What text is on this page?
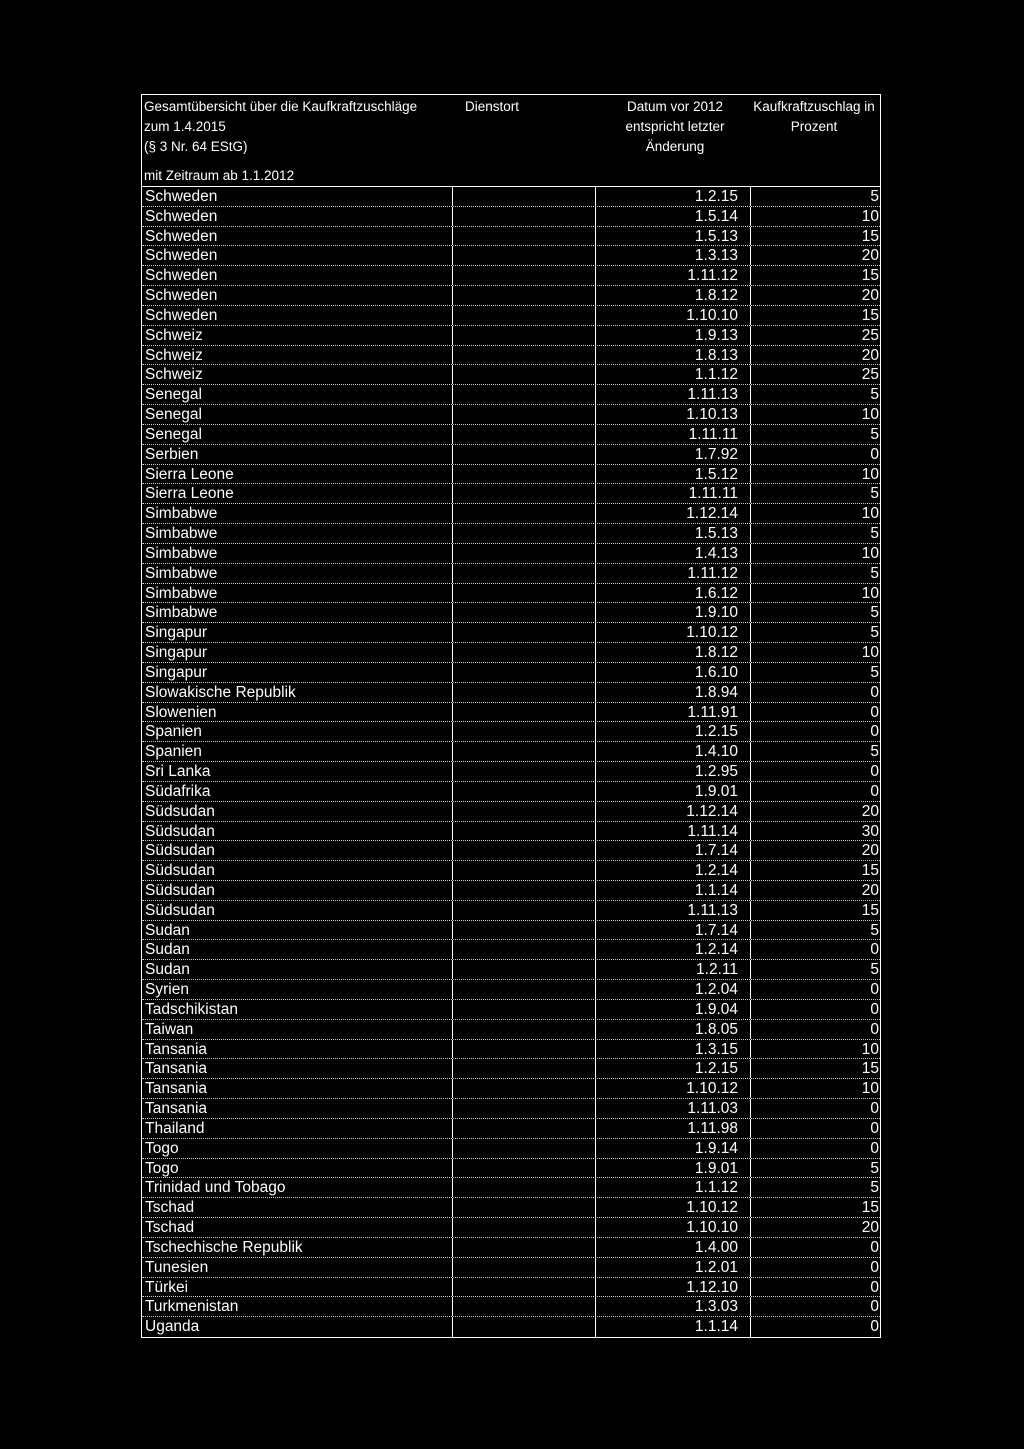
Gesamtübersicht über die Kaufkraftzuschläge
zum 1.4.2015
(§ 3 Nr. 64 EStG)
Dienstort	Datum vor 2012
entspricht letzter
Änderung
Kaufkraftzuschlag in
Prozent
mit Zeitraum ab 1.1.2012
Schweden	1.2.15	5
Schweden	1.5.14	10
Schweden	1.5.13	15
Schweden	1.3.13	20
Schweden	1.11.12	15
Schweden	1.8.12	20
Schweden	1.10.10	15
Schweiz	1.9.13	25
Schweiz	1.8.13	20
Schweiz	1.1.12	25
Senegal	1.11.13	5
Senegal	1.10.13	10
Senegal	1.11.11	5
Serbien	1.7.92	0
Sierra Leone	1.5.12	10
Sierra Leone	1.11.11	5
Simbabwe	1.12.14	10
Simbabwe	1.5.13	5
Simbabwe	1.4.13	10
Simbabwe	1.11.12	5
Simbabwe	1.6.12	10
Simbabwe	1.9.10	5
Singapur	1.10.12	5
Singapur	1.8.12	10
Singapur	1.6.10	5
Slowakische Republik	1.8.94	0
Slowenien	1.11.91	0
Spanien	1.2.15	0
Spanien	1.4.10	5
Sri Lanka	1.2.95	0
Südafrika	1.9.01	0
Südsudan	1.12.14	20
Südsudan	1.11.14	30
Südsudan	1.7.14	20
Südsudan	1.2.14	15
Südsudan	1.1.14	20
Südsudan	1.11.13	15
Sudan	1.7.14	5
Sudan	1.2.14	0
Sudan	1.2.11	5
Syrien	1.2.04	0
Tadschikistan	1.9.04	0
Taiwan	1.8.05	0
Tansania	1.3.15	10
Tansania	1.2.15	15
Tansania	1.10.12	10
Tansania	1.11.03	0
Thailand	1.11.98	0
Togo	1.9.14	0
Togo	1.9.01	5
Trinidad und Tobago	1.1.12	5
Tschad	1.10.12	15
Tschad	1.10.10	20
Tschechische Republik	1.4.00	0
Tunesien	1.2.01	0
Türkei	1.12.10	0
Turkmenistan	1.3.03	0
Uganda	1.1.14	0
